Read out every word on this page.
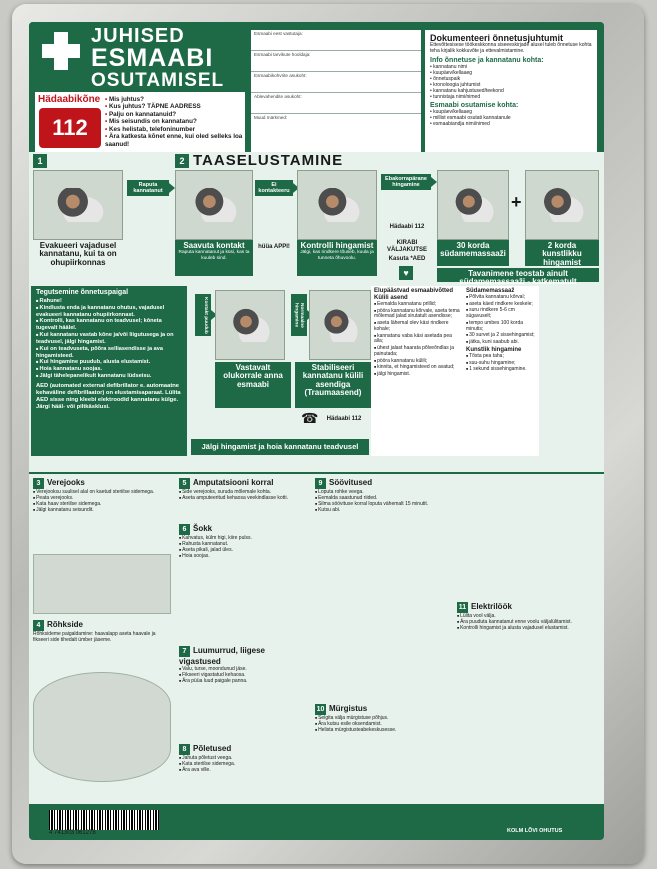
JUHISED
ESMAABI
OSUTAMISEL
Hädaabikõne
112
• Mis juhtus?
• Kus juhtus? TÄPNE AADRESS
• Palju on kannatanuid?
• Mis seisundis on kannatanu?
• Kes helistab, telefoninumber
• Ära katkesta kõnet enne, kui oled selleks loa saanud!
Esmaabi eest vastutaja:
Esmaabi tarvikute hooldaja:
Esmaabikohvrite asukoht:
Ablevahendite asukoht:
Muud märkmed:
Dokumenteeri õnnetusjuhtumit

Ettevõttesisese töökeskkonna siseeeskirjade alusel tuleb õnnetuse kohta teha kirjalik kokkuvõte ja ettevalmistamine.

Info õnnetuse ja kannatanu kohta:
• kannatanu nimi
• kuupäev/kellaaeg
• õnnetuspaik
• kronoloogia juhtumist
• kannatanu kahjustused/teekond
• tunnistaja nimi/nimed
Esmaabi osutamise kohta:
• kuupäev/kellaaeg
• millist esmaabi osutati kannatanule
• esmaabiandja nimi/nimed
1	2 TAASELUSTAMINE
Raputa kannatanut
Ei kontakteeru
Ebakorrapärane hingamine
+
Evakueeri vajadusel kannatanu, kui ta on ohupiirkonnas
Saavuta kontakt
Raputa kannatanut ja küsi, kas ta kuuleb sind.
hüüa APPI!	Kontrolli hingamist
Jälgi, kas rindkere tõuseb, kuula ja tunneta õhuvoolu.
Hädaabi 112
KIRABI VÄLJAKUTSE
Kasuta *AED
♥
30 korda südamemassaaži
2 korda kunstlikku hingamist
Tavanimene teostab ainult südamemassaaži - katkematult
Tegutsemine õnnetuspaigal
■ Rahune!
■ Kindlusta enda ja kannatanu ohutus, vajadusel evakueeri kannatanu ohupiirkonnast.
■ Kontrolli, kas kannatanu on teadvusel; kõneta tugevalt häälel.
■ Kui kannatanu vastab kõne ja/või liigutusega ja on teadvusel, jälgi hingamist.
■ Kui on teadvuseta, põõra selliasendisse ja ava hingamisteed.
■ Kui hingamine puudub, alusta elustamist.
■ Hoia kannatanu soojas.
■ Jälgi tähelepanelikult kannatanu lüdseisu.

AED (automated external defibrillator e. automaatne kehaväline defibrillaator) on elustamisaparaat. Lülita AED sisse ning kleebi elektroodid kannatanu külge. Järgi hääl- või piltkäsklusi.

Kontakt puudub	Normaalne hingamine
Vastavalt olukorrale anna esmaabi
Stabiliseeri kannatanu külili asendiga (Traumaasend)
☎	Hädaabi 112
Jälgi hingamist ja hoia kannatanu teadvusel
Elupäästvad esmaabivõtted
Külili asend
■ Eemalda kannatanu prillid;
■ pööra kannatanu kõrvale, aseta tema mõlemad jalad sirutatult asendisse;
■ aseta lähemal olev käsi rindkere kohale;
■ kannatanu vaba käsi asetada pea alla;
■ ühest jalast haarata põlveõndlas ja painutada;
■ pööra kannatanu külili;
■ kinnita, et hingamisteed on avatud;
■ jälgi hingamist.
Südamemassaaž
■ Põlvita kannatanu kõrval;
■ aseta käed rindkere keskele;
■ suru rindkere 5-6 cm sügavuselt;
■ tempo umbes 100 korda minutis;
■ 30 survet ja 2 sissehingamist;
■ jätka, kuni saabub abi.
Kunstlik hingamine
■ Tõsta pea taha;
■ suu-suhu hingamine;
■ 1 sekund sissehingamine.
3 Verejooks
■ Verejooksu suulisel alal on kaetud steriilse sidemega.
■ Peata verejooks.
■ Kata haav steriilse sidemega.
■ Jälgi kannatanu seisundit.
4 Rõhkside
Rõhksideme paigaldamine: haavalapp aseta haavale ja fikseeri side tihedalt ümber jäseme.
5 Amputatsiooni korral
■ Side verejooks, suruda mõlemale kohta.
■ Aseta amputeeritud kehaosa veekindlasse kotti.
6 Šokk
■ Kahvatus, külm higi, kiire pulss.
■ Rahusta kannatanut.
■ Aseta pikali, jalad üles.
■ Hoia soojas.
7 Luumurrud, liigese vigastused
■ Valu, turse, moondunud jäse.
■ Fikseeri vigastatud kehaosa.
■ Ära püüa luud paigale panna.
8 Põletused
■ Jahuta põletust veega.
■ Kata steriilse sidemega.
■ Ära ava ville.
9 Söövitused
■ Loputa rohke veega.
■ Eemalda saastunud riided.
■ Silma söövituse korral loputa vähemalt 15 minutit.
■ Kutsu abi.
10 Mürgistus
■ Selgita välja mürgistuse põhjus.
■ Ära kutsu esile oksendamist.
■ Helista mürgistusteabekeskusesse.
11 Elektrilöök
■ Lülita vool välja.
■ Ära puuduta kannatanut enne voolu väljalülitamist.
■ Kontrolli hingamist ja alusta vajadusel elustamist.
4 741303 061278	KOLM LÕVI OHUTUS
